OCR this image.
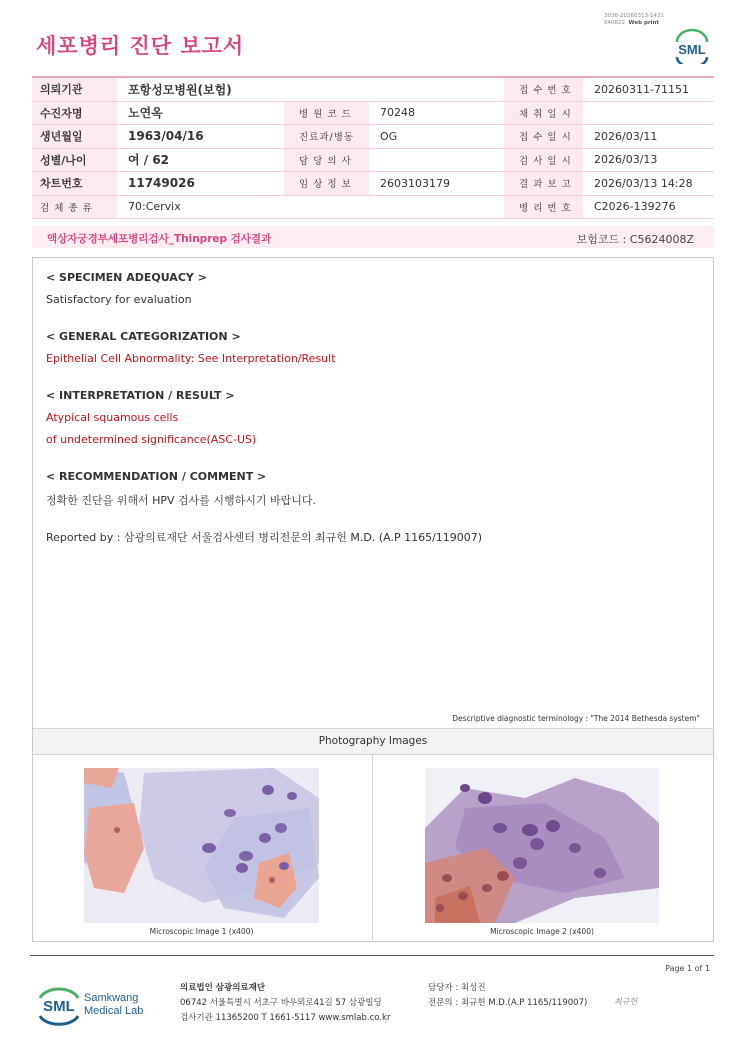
세포병리 진단 보고서
3036-20260313-1431
040822 Web print
SML
의뢰기관	포항성모병원(보험)			접 수 번 호	20260311-71151
수진자명	노연옥	병 원 코 드	70248	채 취 일 시	
생년월일	1963/04/16	진료과/병동	OG	접 수 일 시	2026/03/11
성별/나이	여 / 62	담 당 의 사		검 사 일 시	2026/03/13
차트번호	11749026	임 상 정 보	2603103179	결 과 보 고	2026/03/13 14:28
검 체 종 류	70:Cervix			병 리 번 호	C2026-139276
액상자궁경부세포병리검사_Thinprep 검사결과	보험코드 : C5624008Z
< SPECIMEN ADEQUACY >
Satisfactory for evaluation
< GENERAL CATEGORIZATION >
Epithelial Cell Abnormality: See Interpretation/Result
< INTERPRETATION / RESULT >
Atypical squamous cells
of undetermined significance(ASC-US)
< RECOMMENDATION / COMMENT >
정확한 진단을 위해서 HPV 검사를 시행하시기 바랍니다.
Reported by : 삼광의료재단 서울검사센터 병리전문의 최규헌 M.D. (A.P 1165/119007)
Descriptive diagnostic terminology : "The 2014 Bethesda system"
Photography Images
Microscopic Image 1 (x400)	Microscopic Image 2 (x400)
Page 1 of 1
SML Samkwang
Medical Lab
의료법인 삼광의료재단
06742 서울특별시 서초구 바우뫼로41길 57 삼광빌딩
검사기관 11365200 T 1661-5117 www.smlab.co.kr
담당자 : 최성진
전문의 : 최규헌 M.D.(A.P 1165/119007)	최규헌
